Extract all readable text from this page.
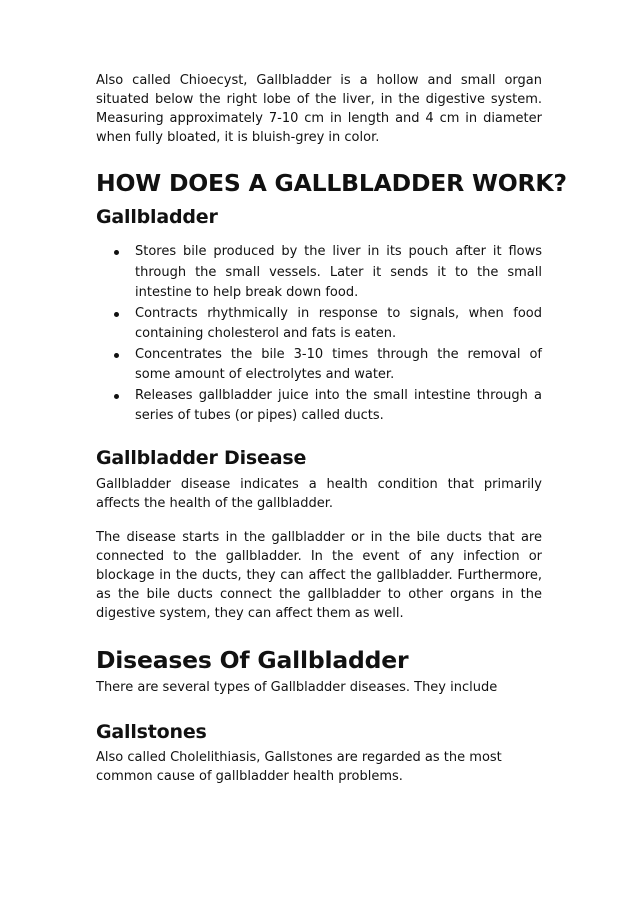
Also called Chioecyst, Gallbladder is a hollow and small organ situated below the right lobe of the liver, in the digestive system. Measuring approximately 7-10 cm in length and 4 cm in diameter when fully bloated, it is bluish-grey in color.

HOW DOES A GALLBLADDER WORK?
Gallbladder
Stores bile produced by the liver in its pouch after it flows through the small vessels. Later it sends it to the small intestine to help break down food.
Contracts rhythmically in response to signals, when food containing cholesterol and fats is eaten.
Concentrates the bile 3-10 times through the removal of some amount of electrolytes and water.
Releases gallbladder juice into the small intestine through a series of tubes (or pipes) called ducts.
Gallbladder Disease

Gallbladder disease indicates a health condition that primarily affects the health of the gallbladder.

The disease starts in the gallbladder or in the bile ducts that are connected to the gallbladder. In the event of any infection or blockage in the ducts, they can affect the gallbladder. Furthermore, as the bile ducts connect the gallbladder to other organs in the digestive system, they can affect them as well.

Diseases Of Gallbladder

There are several types of Gallbladder diseases. They include

Gallstones

Also called Cholelithiasis, Gallstones are regarded as the most common cause of gallbladder health problems.
